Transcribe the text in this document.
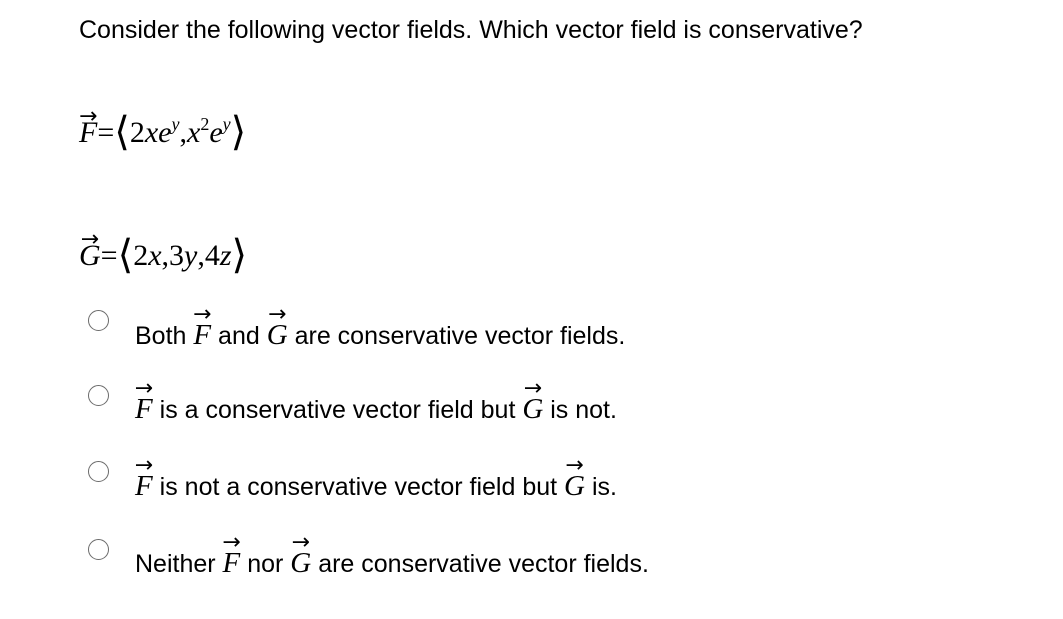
Consider the following vector fields. Which vector field is conservative?
→ $F=⟨2xe^y,x^2e^y⟩$
→ G=⟨2x,3y,4z⟩
Both → F and → G are conservative vector fields.
→ F is a conservative vector field but → G is not.
→ F is not a conservative vector field but → G is.
Neither → F nor → G are conservative vector fields.
